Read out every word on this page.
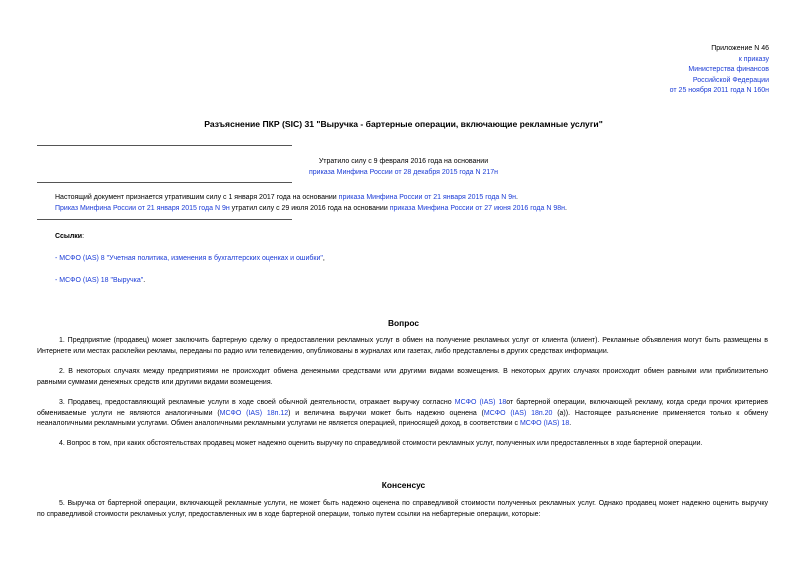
Приложение N 46
к приказу
Министерства финансов
Российской Федерации
от 25 ноября 2011 года N 160н
Разъяснение ПКР (SIC) 31 "Выручка - бартерные операции, включающие рекламные услуги"
Утратило силу с 9 февраля 2016 года на основании
приказа Минфина России от 28 декабря 2015 года N 217н
Настоящий документ признается утратившим силу с 1 января 2017 года на основании приказа Минфина России от 21 января 2015 года N 9н.
Приказ Минфина России от 21 января 2015 года N 9н утратил силу с 29 июля 2016 года на основании приказа Минфина России от 27 июня 2016 года N 98н.
Ссылки:
- МСФО (IAS) 8 "Учетная политика, изменения в бухгалтерских оценках и ошибки",
- МСФО (IAS) 18 "Выручка".
Вопрос
1. Предприятие (продавец) может заключить бартерную сделку о предоставлении рекламных услуг в обмен на получение рекламных услуг от клиента (клиент). Рекламные объявления могут быть размещены в
Интернете или местах расклейки рекламы, переданы по радио или телевидению, опубликованы в журналах или газетах, либо представлены в других средствах информации.
2. В некоторых случаях между предприятиями не происходит обмена денежными средствами или другими видами возмещения. В некоторых других случаях происходит обмен равными или приблизительно
равными суммами денежных средств или другими видами возмещения.
3. Продавец, предоставляющий рекламные услуги в ходе своей обычной деятельности, отражает выручку согласно МСФО (IAS) 18от бартерной операции, включающей рекламу, когда среди прочих критериев
обмениваемые услуги не являются аналогичными (МСФО (IAS) 18п.12) и величина выручки может быть надежно оценена (МСФО (IAS) 18п.20 (а)). Настоящее разъяснение применяется только к обмену
неаналогичными рекламными услугами. Обмен аналогичными рекламными услугами не является операцией, приносящей доход, в соответствии с МСФО (IAS) 18.
4. Вопрос в том, при каких обстоятельствах продавец может надежно оценить выручку по справедливой стоимости рекламных услуг, полученных или предоставленных в ходе бартерной операции.
Консенсус
5. Выручка от бартерной операции, включающей рекламные услуги, не может быть надежно оценена по справедливой стоимости полученных рекламных услуг. Однако продавец может надежно оценить выручку
по справедливой стоимости рекламных услуг, предоставленных им в ходе бартерной операции, только путем ссылки на небартерные операции, которые:
